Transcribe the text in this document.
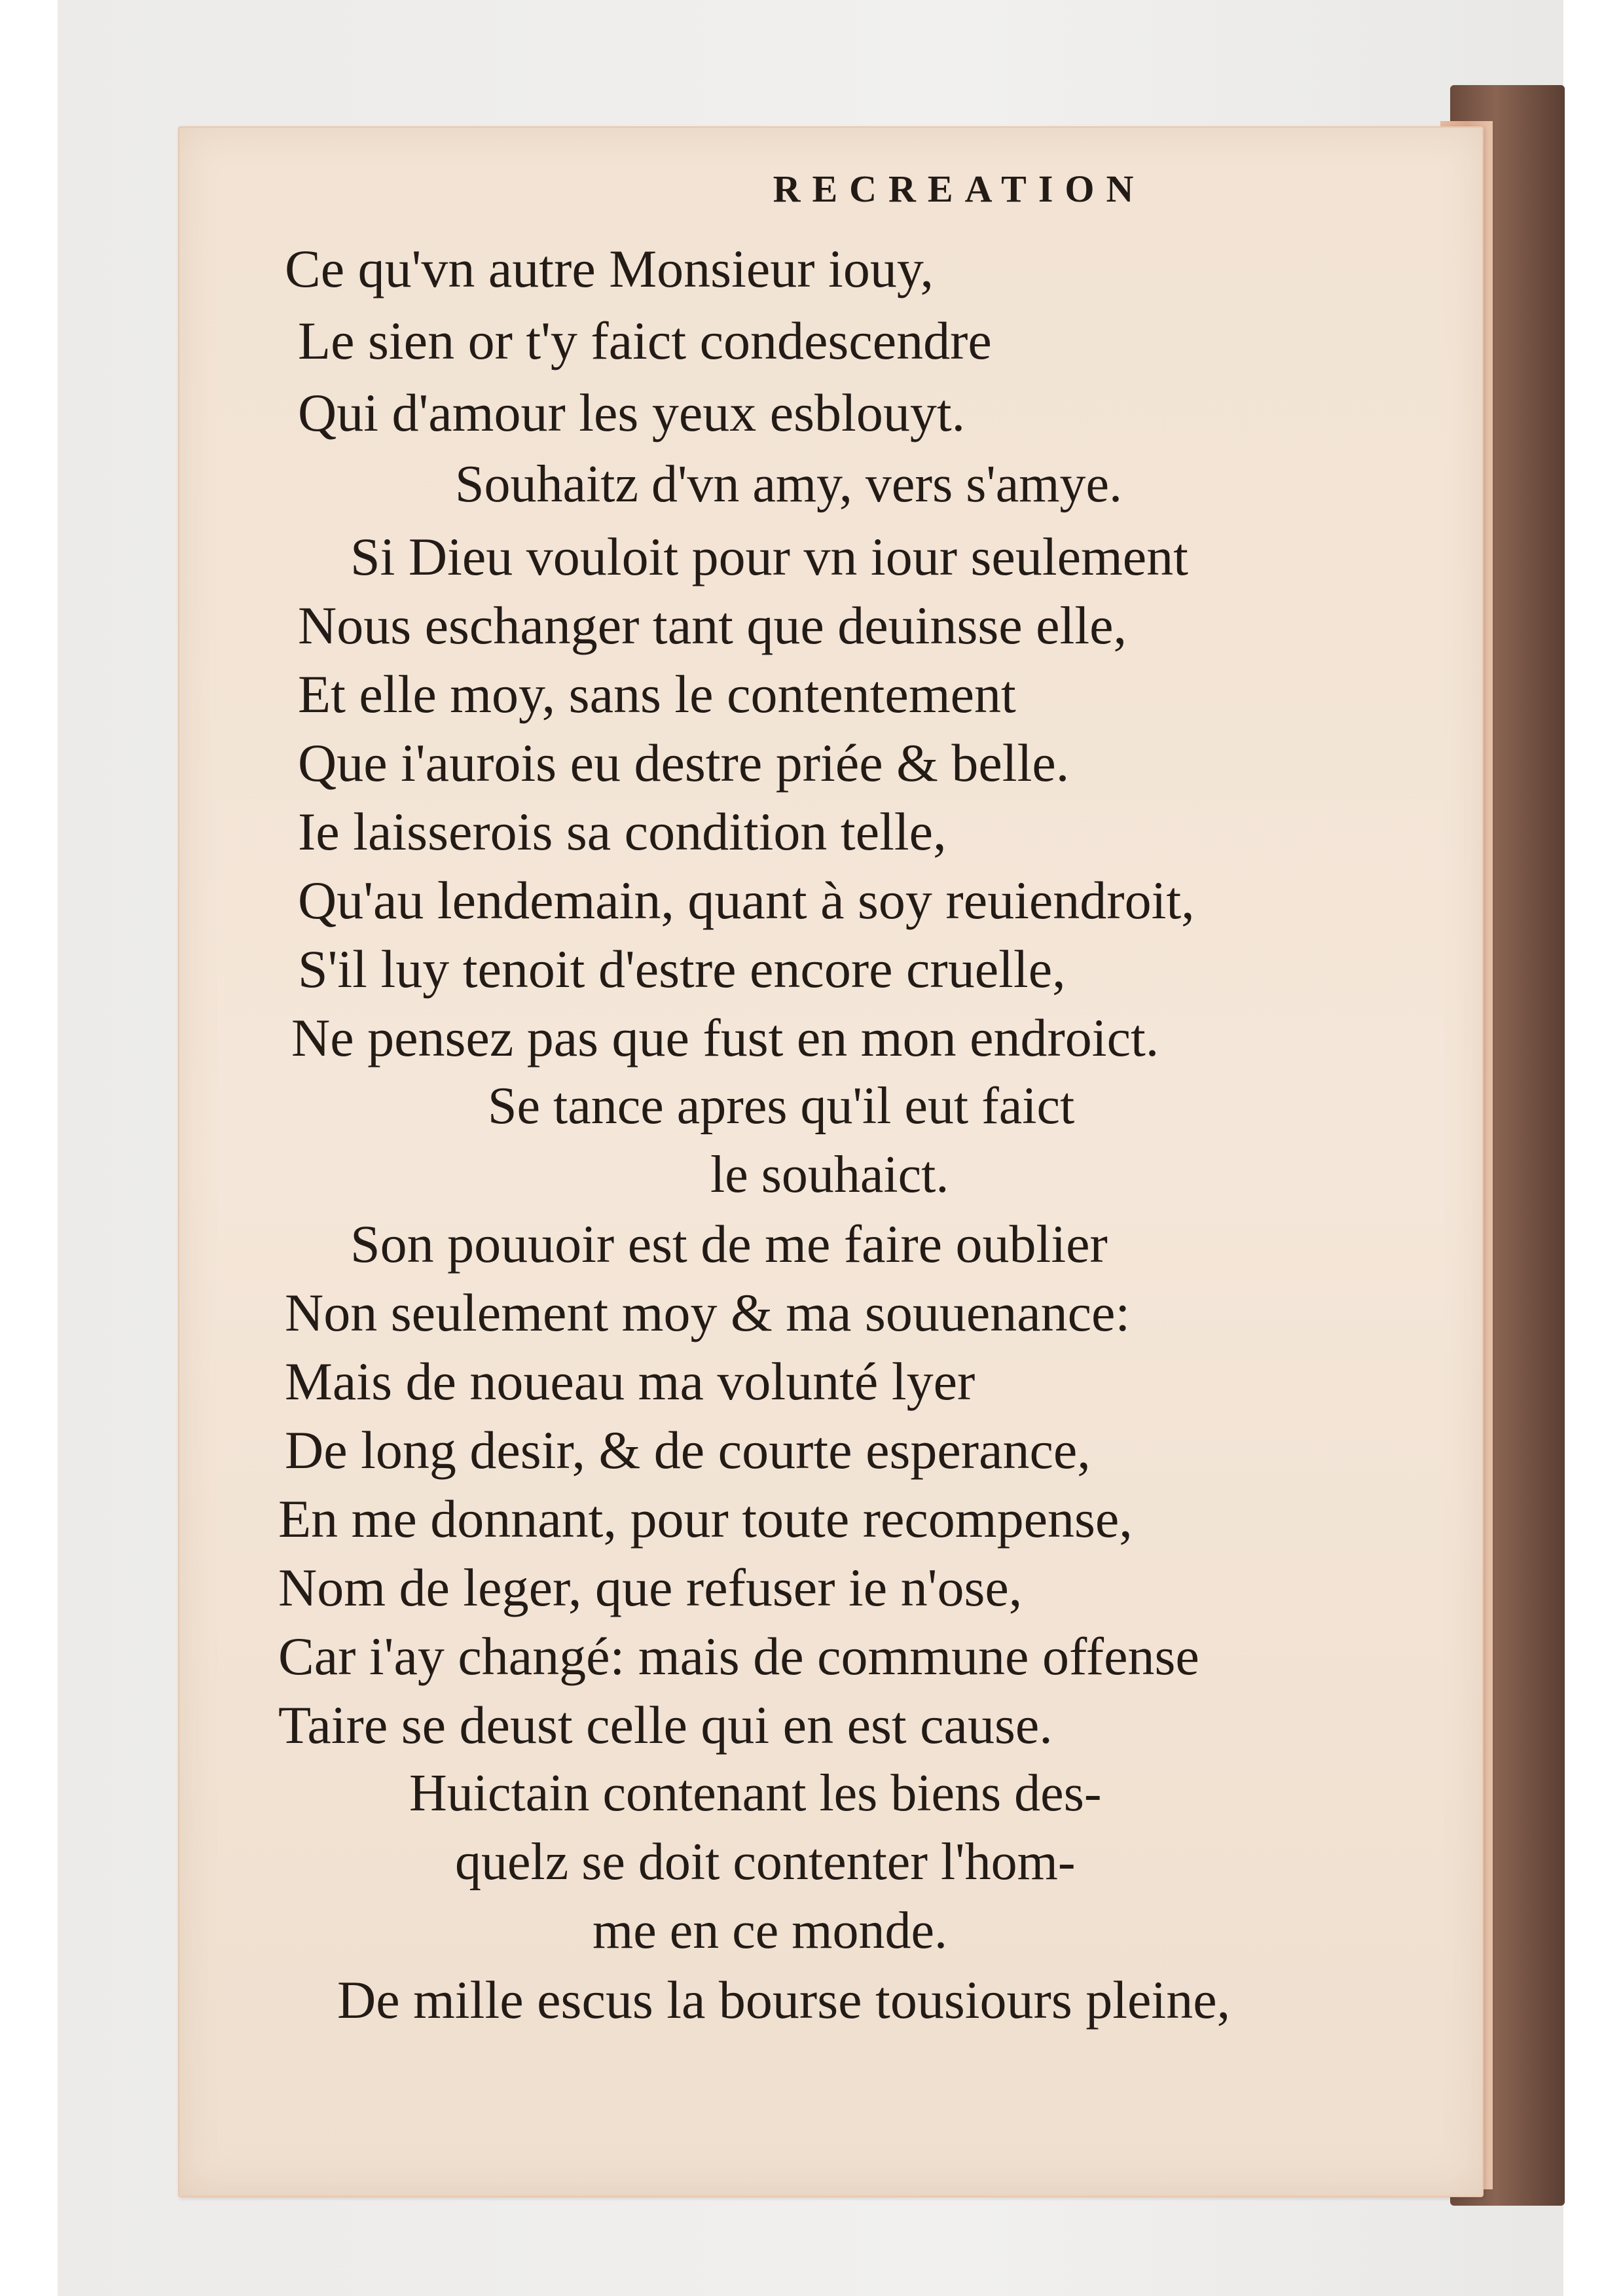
RECREATION
Ce qu'vn autre Monsieur iouy,
Le sien or t'y faict condescendre
Qui d'amour les yeux esblouyt.
Souhaitz d'vn amy, vers s'amye.
Si Dieu vouloit pour vn iour seulement
Nous eschanger tant que deuinsse elle,
Et elle moy, sans le contentement
Que i'aurois eu destre priée & belle.
Ie laisserois sa condition telle,
Qu'au lendemain, quant à soy reuiendroit,
S'il luy tenoit d'estre encore cruelle,
Ne pensez pas que fust en mon endroict.
Se tance apres qu'il eut faict
le souhaict.
Son pouuoir est de me faire oublier
Non seulement moy & ma souuenance:
Mais de noueau ma volunté lyer
De long desir, & de courte esperance,
En me donnant, pour toute recompense,
Nom de leger, que refuser ie n'ose,
Car i'ay changé: mais de commune offense
Taire se deust celle qui en est cause.
Huictain contenant les biens des-
quelz se doit contenter l'hom-
me en ce monde.
De mille escus la bourse tousiours pleine,
